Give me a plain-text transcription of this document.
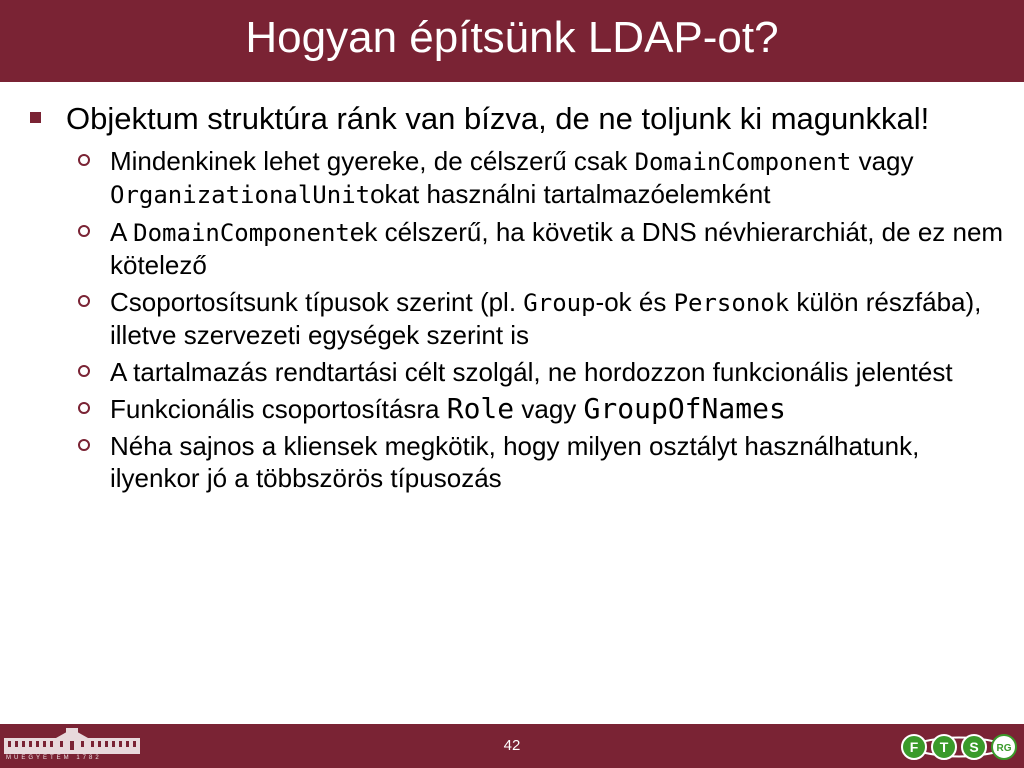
Hogyan építsünk LDAP-ot?
Objektum struktúra ránk van bízva, de ne toljunk ki magunkkal!
Mindenkinek lehet gyereke, de célszerű csak DomainComponent vagy OrganizationalUnitokat használni tartalmazóelemként
A DomainComponentek célszerű, ha követik a DNS névhierarchiát, de ez nem kötelező
Csoportosítsunk típusok szerint (pl. Group-ok és Personok külön részfába), illetve szervezeti egységek szerint is
A tartalmazás rendtartási célt szolgál, ne hordozzon funkcionális jelentést
Funkcionális csoportosításra Role vagy GroupOfNames
Néha sajnos a kliensek megkötik, hogy milyen osztályt használhatunk, ilyenkor jó a többszörös típusozás
MŰEGYETEM 1782
42	F T S RG
